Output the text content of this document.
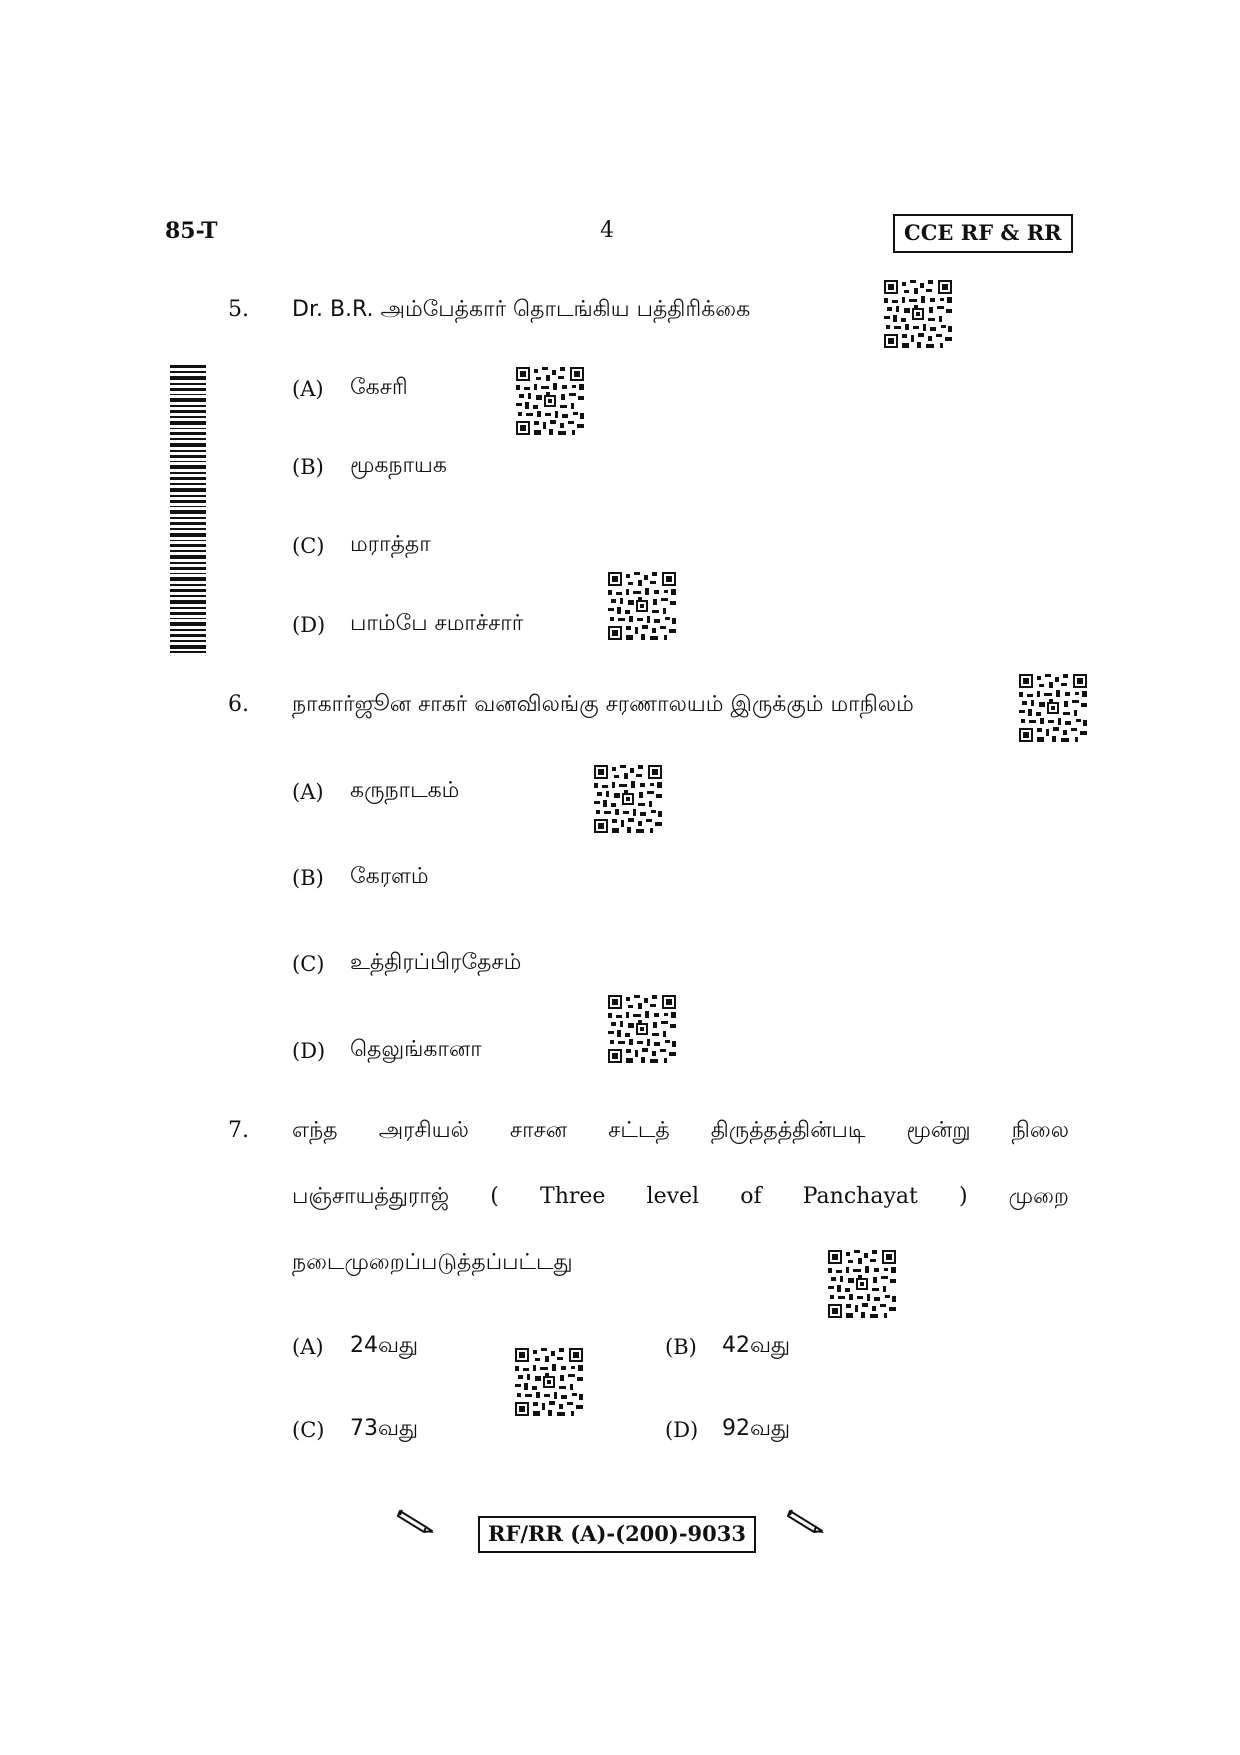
85-T	4	CCE RF & RR
5. Dr. B.R. அம்பேத்கார் தொடங்கிய பத்திரிக்கை
(A) கேசரி
(B) மூகநாயக
(C) மராத்தா
(D) பாம்பே சமாச்சார்
6. நாகார்ஜூன சாகர் வனவிலங்கு சரணாலயம் இருக்கும் மாநிலம்
(A) கருநாடகம்
(B) கேரளம்
(C) உத்திரப்பிரதேசம்
(D) தெலுங்கானா
7. எந்த அரசியல் சாசன சட்டத் திருத்தத்தின்படி மூன்று நிலை
பஞ்சாயத்துராஜ் ( Three level of Panchayat ) முறை
நடைமுறைப்படுத்தப்பட்டது
(A) 24வது	(B) 42வது
(C) 73வது	(D) 92வது
RF/RR (A)-(200)-9033
